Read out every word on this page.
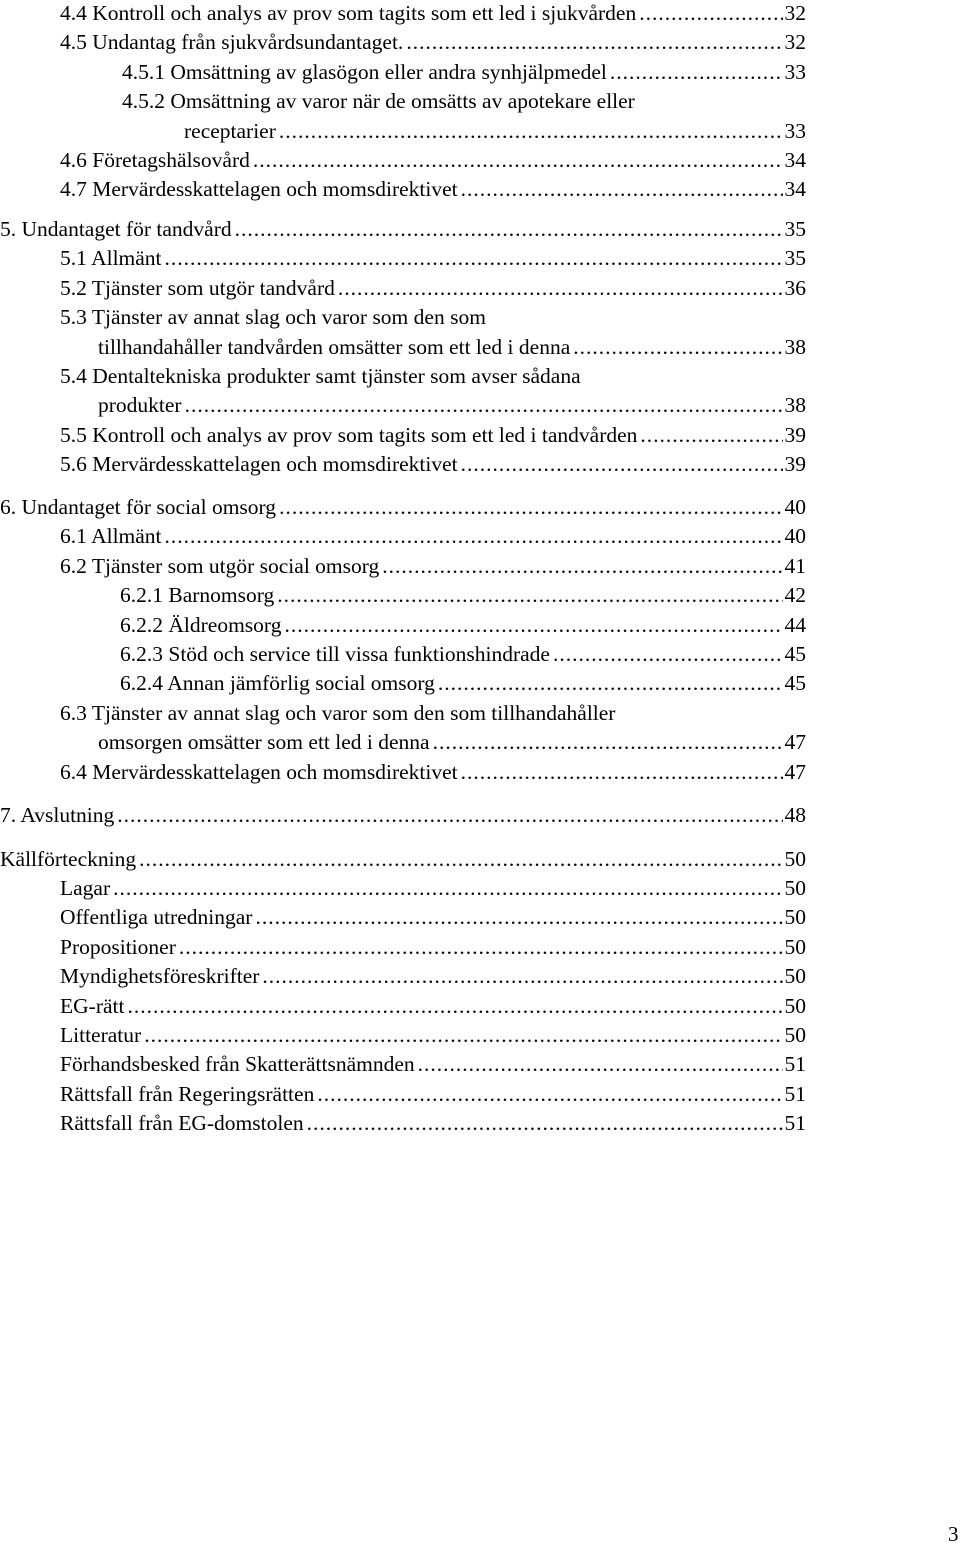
4.4 Kontroll och analys av prov som tagits som ett led i sjukvården .....	32
4.5 Undantag från sjukvårdsundantaget. .....	32
4.5.1 Omsättning av glasögon eller andra synhjälpmedel .....	33
4.5.2 Omsättning av varor när de omsätts av apotekare eller
receptarier .....	33
4.6 Företagshälsovård .....	34
4.7 Mervärdesskattelagen och momsdirektivet .....	34
5. Undantaget för tandvård .....	35
5.1 Allmänt .....	35
5.2 Tjänster som utgör tandvård .....	36
5.3 Tjänster av annat slag och varor som den som
tillhandahåller tandvården omsätter som ett led i denna .....	38
5.4 Dentaltekniska produkter samt tjänster som avser sådana
produkter .....	38
5.5 Kontroll och analys av prov som tagits som ett led i tandvården .....	39
5.6 Mervärdesskattelagen och momsdirektivet .....	39
6. Undantaget för social omsorg .....	40
6.1 Allmänt .....	40
6.2 Tjänster som utgör social omsorg .....	41
6.2.1 Barnomsorg .....	42
6.2.2 Äldreomsorg .....	44
6.2.3 Stöd och service till vissa funktionshindrade .....	45
6.2.4 Annan jämförlig social omsorg .....	45
6.3 Tjänster av annat slag och varor som den som tillhandahåller
omsorgen omsätter som ett led i denna .....	47
6.4 Mervärdesskattelagen och momsdirektivet .....	47
7. Avslutning .....	48
Källförteckning .....	50
Lagar .....	50
Offentliga utredningar .....	50
Propositioner .....	50
Myndighetsföreskrifter .....	50
EG-rätt .....	50
Litteratur .....	50
Förhandsbesked från Skatterättsnämnden .....	51
Rättsfall från Regeringsrätten .....	51
Rättsfall från EG-domstolen .....	51
3
